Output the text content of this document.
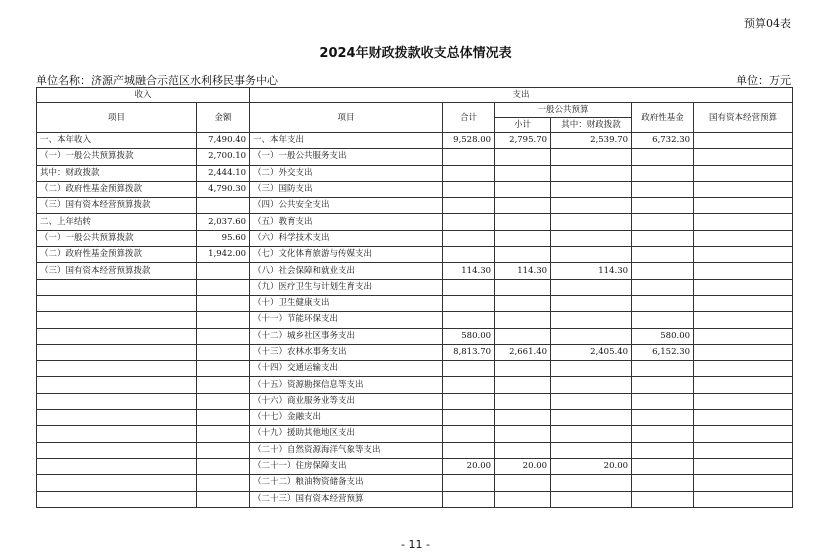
预算04表
2024年财政拨款收支总体情况表
单位名称：济源产城融合示范区水利移民事务中心	单位：万元
收入		支出					
项目	金额	项目	合计	一般公共预算		政府性基金	国有资本经营预算
				小计	其中：财政拨款		
一、本年收入	7,490.40	一、本年支出	9,528.00	2,795.70	2,539.70	6,732.30	
（一）一般公共预算拨款	2,700.10	（一）一般公共服务支出					
其中：财政拨款	2,444.10	（二）外交支出					
（二）政府性基金预算拨款	4,790.30	（三）国防支出					
（三）国有资本经营预算拨款		（四）公共安全支出					
二、上年结转	2,037.60	（五）教育支出					
（一）一般公共预算拨款	95.60	（六）科学技术支出					
（二）政府性基金预算拨款	1,942.00	（七）文化体育旅游与传媒支出					
（三）国有资本经营预算拨款		（八）社会保障和就业支出	114.30	114.30	114.30		
		（九）医疗卫生与计划生育支出					
		（十）卫生健康支出					
		（十一）节能环保支出					
		（十二）城乡社区事务支出	580.00			580.00	
		（十三）农林水事务支出	8,813.70	2,661.40	2,405.40	6,152.30	
		（十四）交通运输支出					
		（十五）资源勘探信息等支出					
		（十六）商业服务业等支出					
		（十七）金融支出					
		（十九）援助其他地区支出					
		（二十）自然资源海洋气象等支出					
		（二十一）住房保障支出	20.00	20.00	20.00		
		（二十二）粮油物资储备支出					
		（二十三）国有资本经营预算					
- 11 -
